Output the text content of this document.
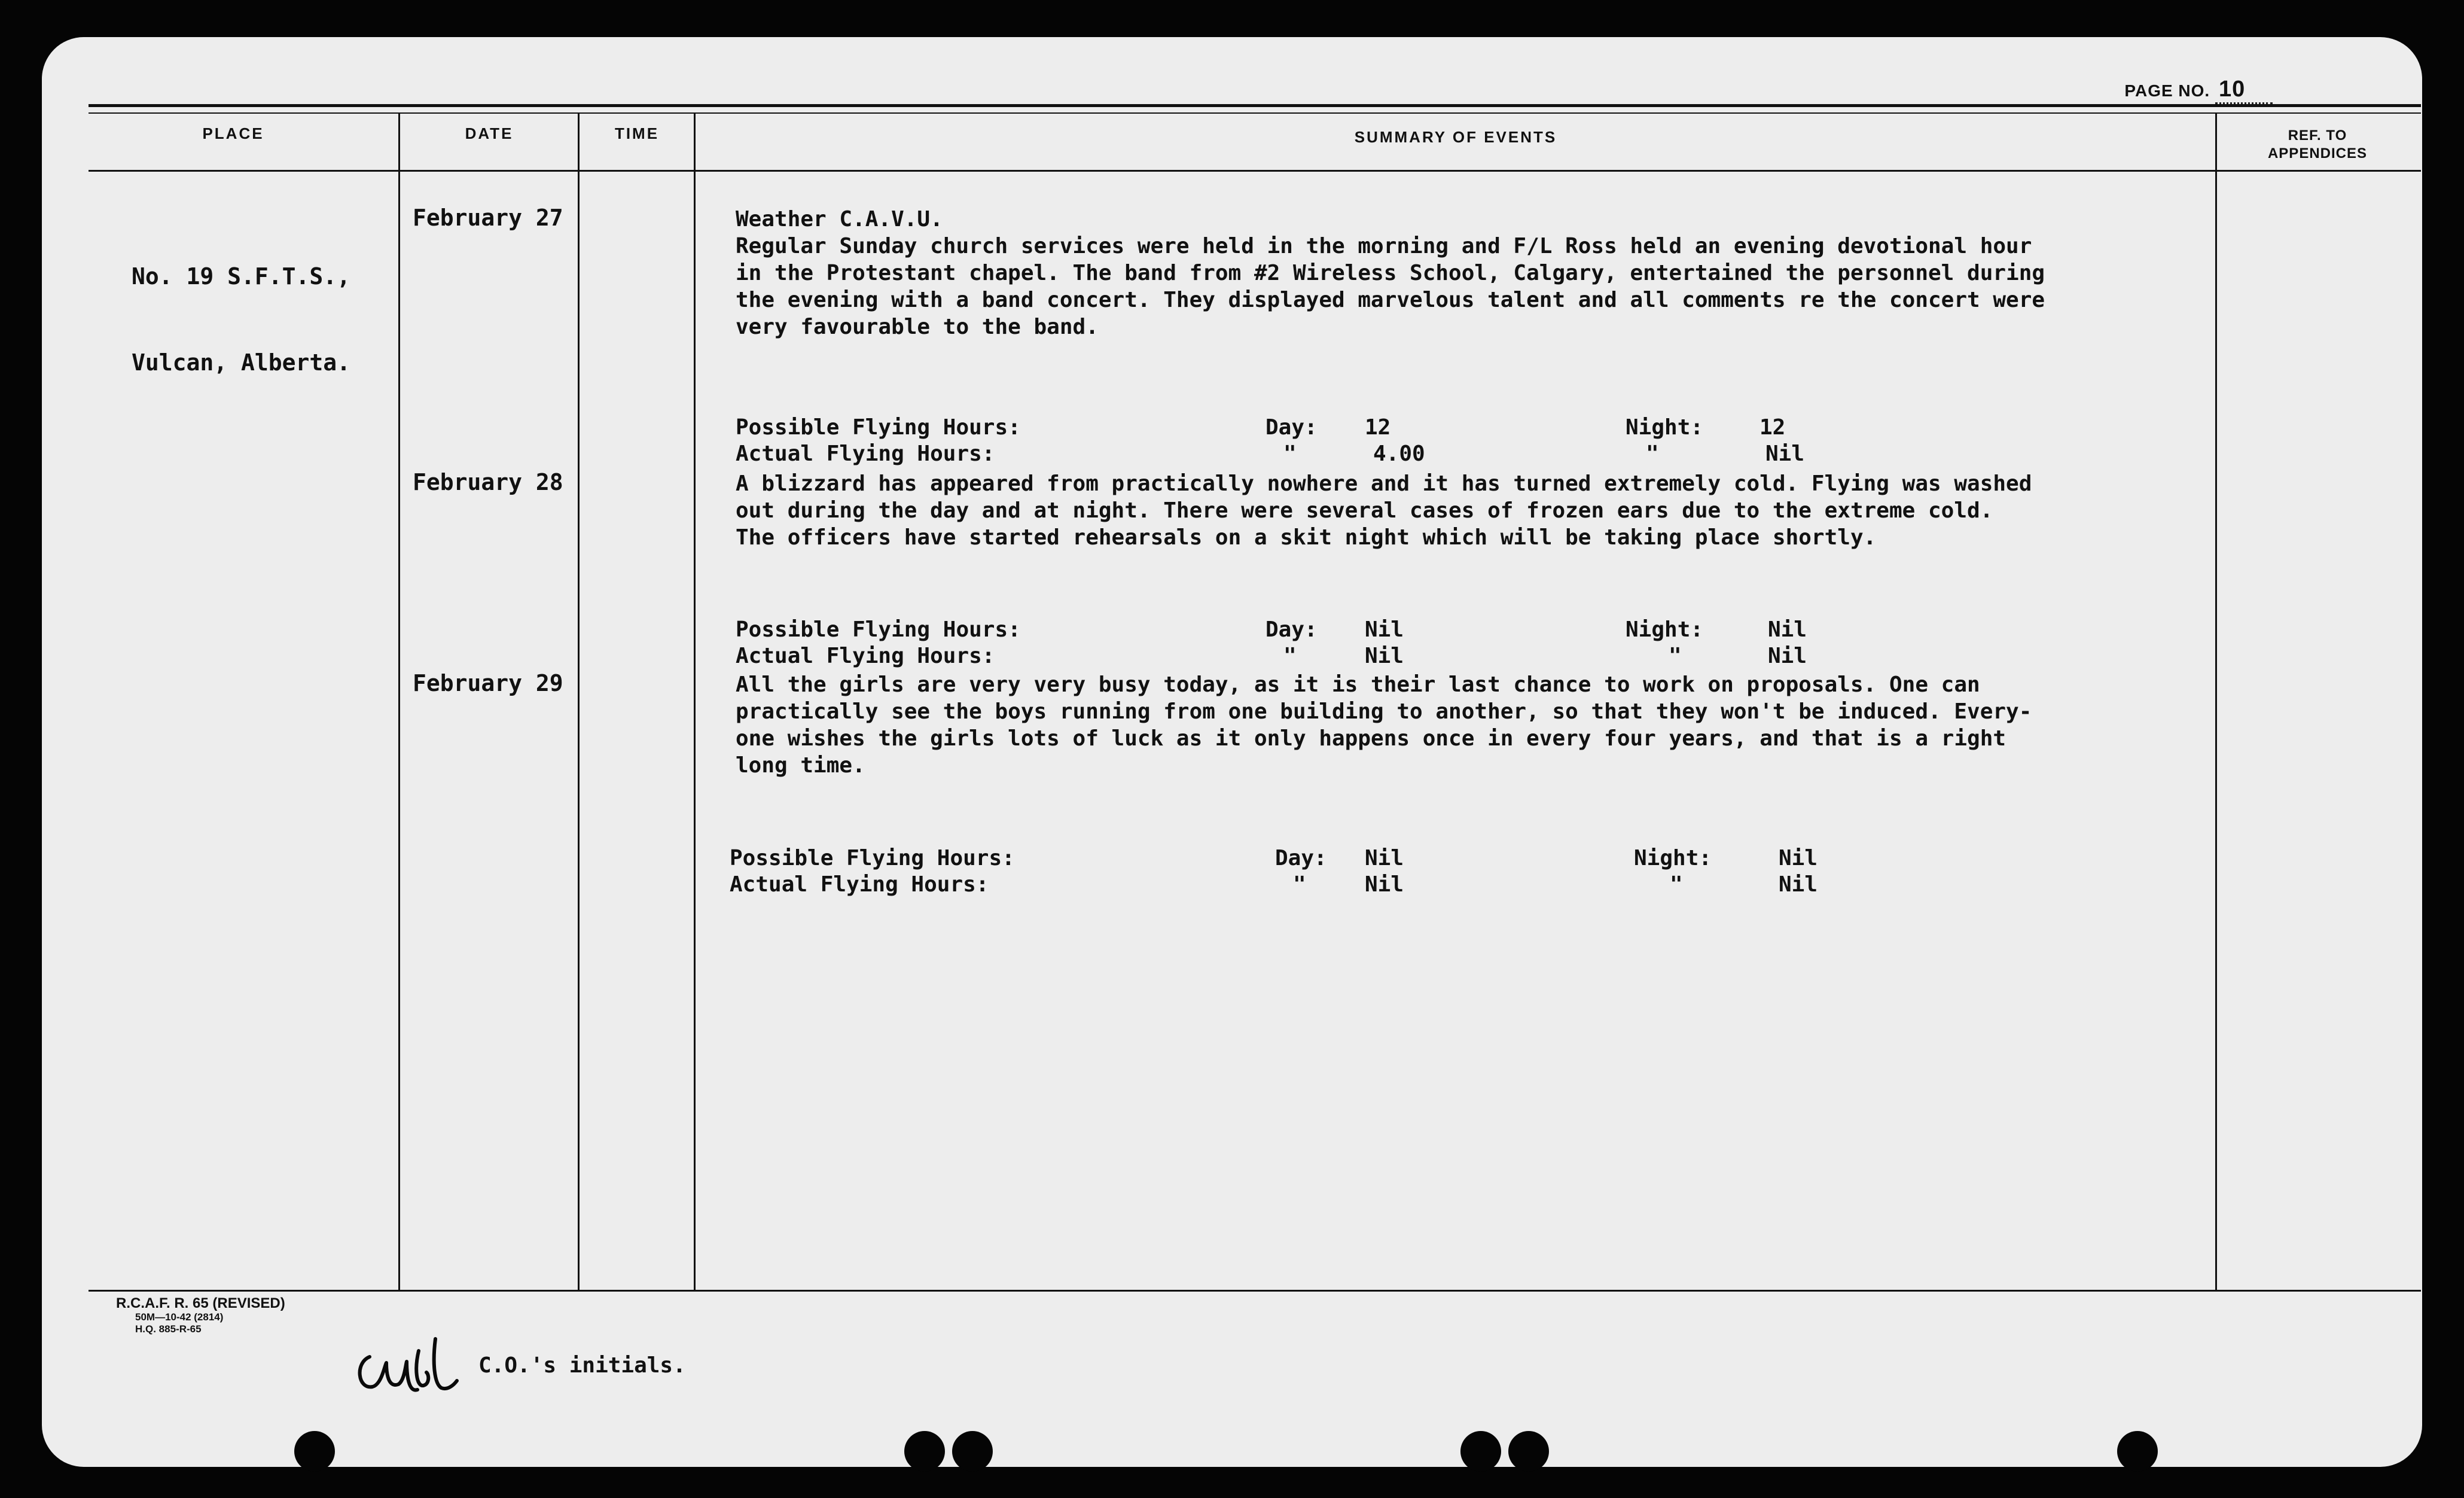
PAGE NO. 10
PLACE	DATE	TIME	SUMMARY OF EVENTS	REF. TO
APPENDICES

No. 19 S.F.T.S.,

Vulcan, Alberta.

February 27	Weather C.A.V.U.

Regular Sunday church services were held in the morning and F/L Ross held an evening devotional hour

in the Protestant chapel. The band from #2 Wireless School, Calgary, entertained the personnel during

the evening with a band concert. They displayed marvelous talent and all comments re the concert were

very favourable to the band.

Possible Flying Hours:	Day: 12	Night:	12
Actual Flying Hours:	"	4.00	"	Nil
February 28	A blizzard has appeared from practically nowhere and it has turned extremely cold. Flying was washed

out during the day and at night. There were several cases of frozen ears due to the extreme cold.

The officers have started rehearsals on a skit night which will be taking place shortly.

Possible Flying Hours:	Day: Nil	Night:	Nil
Actual Flying Hours:	"	Nil	"	Nil
February 29	All the girls are very very busy today, as it is their last chance to work on proposals. One can

practically see the boys running from one building to another, so that they won't be induced. Every-

one wishes the girls lots of luck as it only happens once in every four years, and that is a right

long time.

Possible Flying Hours:	Day: Nil	Night:	Nil
Actual Flying Hours:	"	Nil	"	Nil
R.C.A.F. R. 65 (REVISED)
50M—10-42 (2814)
H.Q. 885-R-65
C.O.'s initials.
